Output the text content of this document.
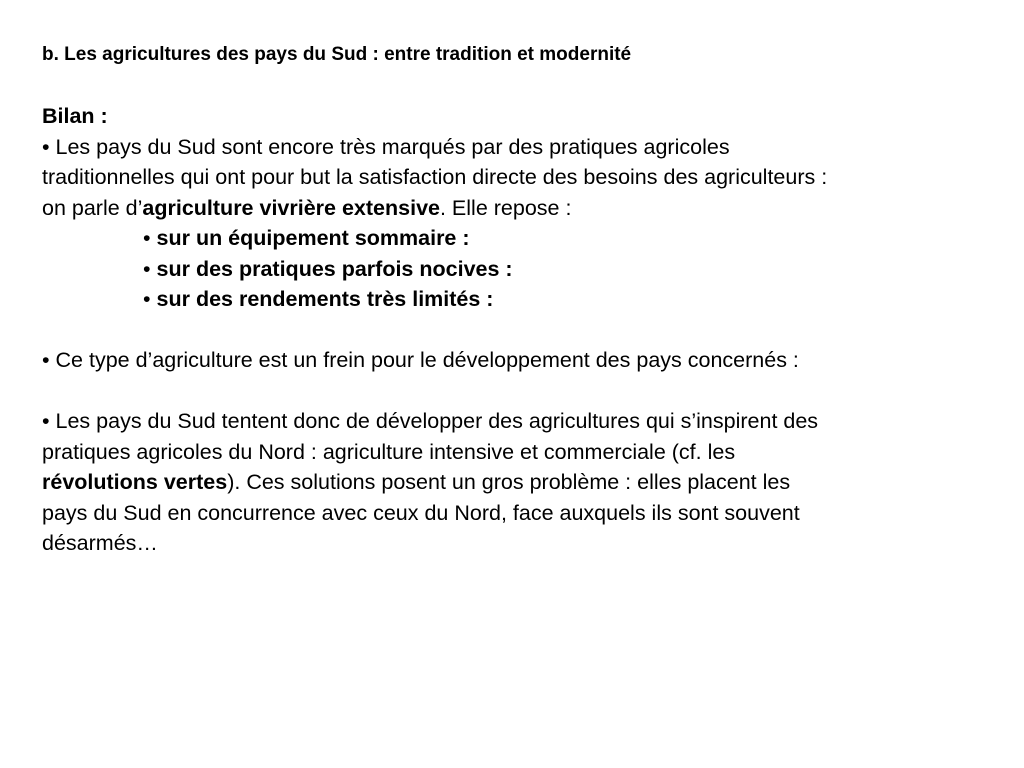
b. Les agricultures des pays du Sud : entre tradition et modernité
Bilan :
• Les pays du Sud sont encore très marqués par des pratiques agricoles
traditionnelles qui ont pour but la satisfaction directe des besoins des agriculteurs :
on parle d’agriculture vivrière extensive. Elle repose :
• sur un équipement sommaire :
• sur des pratiques parfois nocives :
• sur des rendements très limités :
• Ce type d’agriculture est un frein pour le développement des pays concernés :
• Les pays du Sud tentent donc de développer des agricultures qui s’inspirent des
pratiques agricoles du Nord : agriculture intensive et commerciale (cf. les
révolutions vertes). Ces solutions posent un gros problème : elles placent les
pays du Sud en concurrence avec ceux du Nord, face auxquels ils sont souvent
désarmés…
